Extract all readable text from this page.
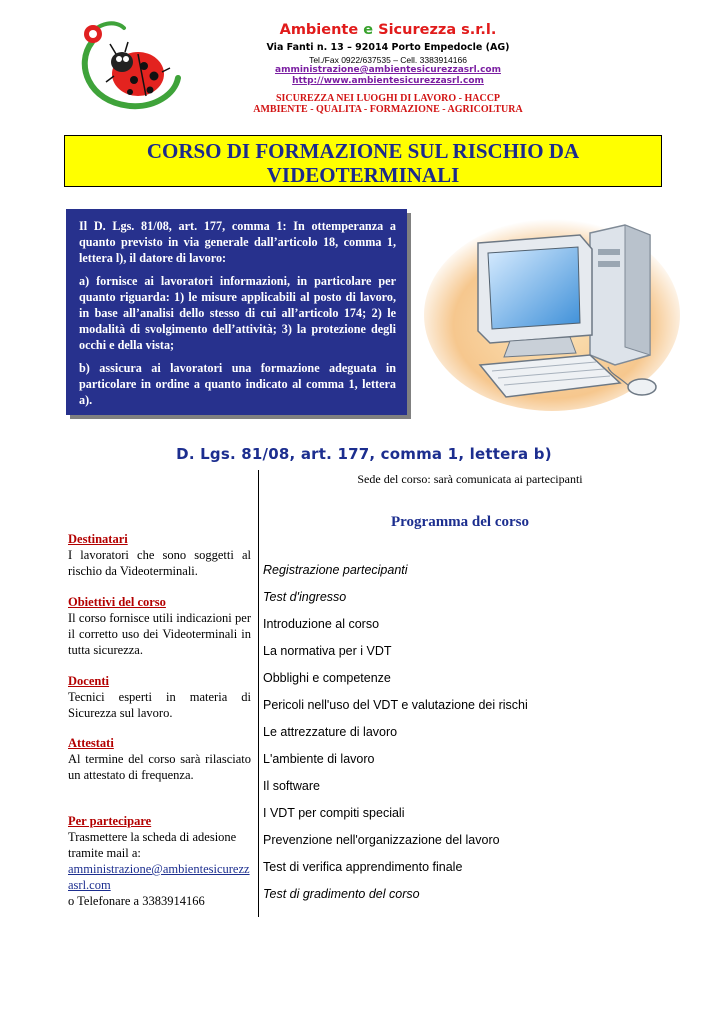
Ambiente e Sicurezza s.r.l.
Via Fanti n. 13 – 92014 Porto Empedocle (AG)
Tel./Fax 0922/637535 – Cell. 3383914166
amministrazione@ambientesicurezzasrl.com
http://www.ambientesicurezzasrl.com
SICUREZZA NEI LUOGHI DI LAVORO - HACCP
AMBIENTE - QUALITA - FORMAZIONE - AGRICOLTURA
CORSO DI FORMAZIONE SUL RISCHIO DA
VIDEOTERMINALI

Il D. Lgs. 81/08, art. 177, comma 1: In ottemperanza a quanto previsto in via generale dall’articolo 18, comma 1, lettera l), il datore di lavoro:

a) fornisce ai lavoratori informazioni, in particolare per quanto riguarda: 1) le misure applicabili al posto di lavoro, in base all’analisi dello stesso di cui all’articolo 174; 2) le modalità di svolgimento dell’attività; 3) la protezione degli occhi e della vista;

b) assicura ai lavoratori una formazione adeguata in particolare in ordine a quanto indicato al comma 1, lettera a).

D. Lgs. 81/08, art. 177, comma 1, lettera b)
Sede del corso: sarà comunicata ai partecipanti
Programma del corso
Destinatari
I lavoratori che sono soggetti al rischio da Videoterminali.
Obiettivi del corso
Il corso fornisce utili indicazioni per il corretto uso dei Videoterminali in tutta sicurezza.
Docenti
Tecnici esperti in materia di Sicurezza sul lavoro.
Attestati
Al termine del corso sarà rilasciato un attestato di frequenza.
Per partecipare
Trasmettere la scheda di adesione tramite mail a:
amministrazione@ambientesicurezzasrl.com
o Telefonare a 3383914166
Registrazione partecipanti
Test d'ingresso
Introduzione al corso
La normativa per i VDT
Obblighi e competenze
Pericoli nell'uso del VDT e valutazione dei rischi
Le attrezzature di lavoro
L'ambiente di lavoro
Il software
I VDT per compiti speciali
Prevenzione nell'organizzazione del lavoro
Test di verifica apprendimento finale
Test di gradimento del corso
